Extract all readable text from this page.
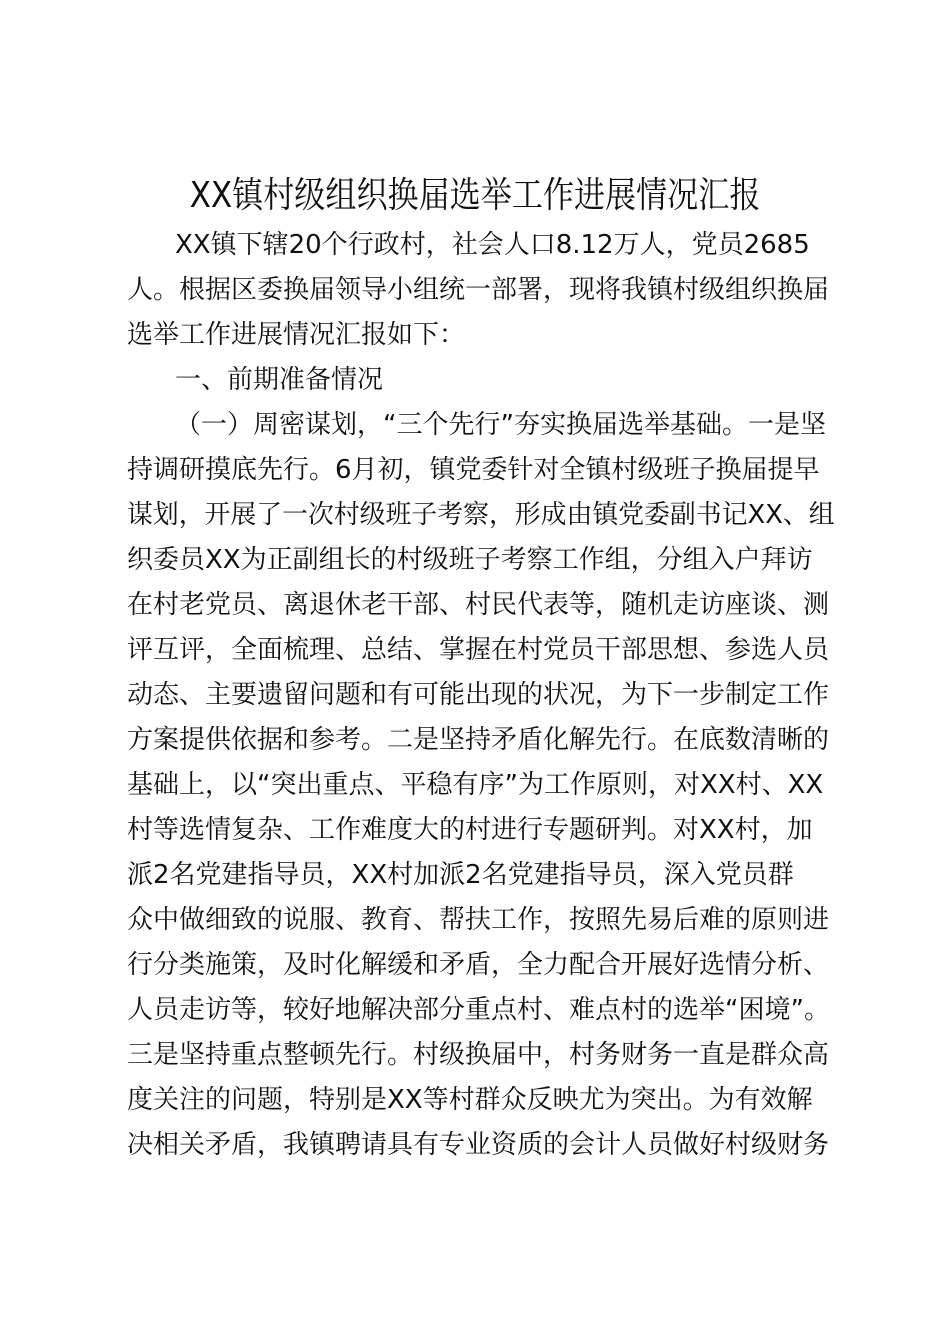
XX镇村级组织换届选举工作进展情况汇报
XX镇下辖20个行政村，社会人口8.12万人，党员2685
人。根据区委换届领导小组统一部署，现将我镇村级组织换届
选举工作进展情况汇报如下：
一、前期准备情况
（一）周密谋划，“三个先行”夯实换届选举基础。一是坚
持调研摸底先行。6月初，镇党委针对全镇村级班子换届提早
谋划，开展了一次村级班子考察，形成由镇党委副书记XX、组
织委员XX为正副组长的村级班子考察工作组，分组入户拜访
在村老党员、离退休老干部、村民代表等，随机走访座谈、测
评互评，全面梳理、总结、掌握在村党员干部思想、参选人员
动态、主要遗留问题和有可能出现的状况，为下一步制定工作
方案提供依据和参考。二是坚持矛盾化解先行。在底数清晰的
基础上，以“突出重点、平稳有序”为工作原则，对XX村、XX
村等选情复杂、工作难度大的村进行专题研判。对XX村，加
派2名党建指导员，XX村加派2名党建指导员，深入党员群
众中做细致的说服、教育、帮扶工作，按照先易后难的原则进
行分类施策，及时化解缓和矛盾，全力配合开展好选情分析、
人员走访等，较好地解决部分重点村、难点村的选举“困境”。
三是坚持重点整顿先行。村级换届中，村务财务一直是群众高
度关注的问题，特别是XX等村群众反映尤为突出。为有效解
决相关矛盾，我镇聘请具有专业资质的会计人员做好村级财务
